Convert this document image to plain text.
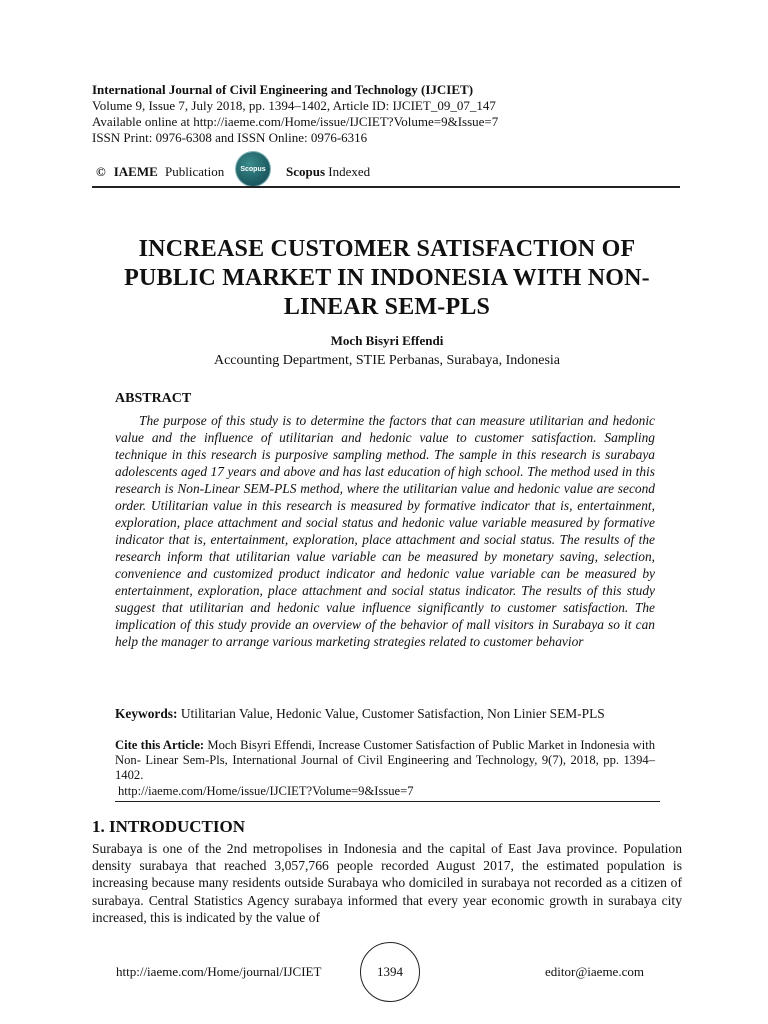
International Journal of Civil Engineering and Technology (IJCIET)
Volume 9, Issue 7, July 2018, pp. 1394–1402, Article ID: IJCIET_09_07_147
Available online at http://iaeme.com/Home/issue/IJCIET?Volume=9&Issue=7
ISSN Print: 0976-6308 and ISSN Online: 0976-6316
© IAEME Publication Scopus Scopus Indexed
INCREASE CUSTOMER SATISFACTION OF
PUBLIC MARKET IN INDONESIA WITH NON-
LINEAR SEM-PLS
Moch Bisyri Effendi
Accounting Department, STIE Perbanas, Surabaya, Indonesia
ABSTRACT
The purpose of this study is to determine the factors that can measure utilitarian and hedonic value and the influence of utilitarian and hedonic value to customer satisfaction. Sampling technique in this research is purposive sampling method. The sample in this research is surabaya adolescents aged 17 years and above and has last education of high school. The method used in this research is Non-Linear SEM-PLS method, where the utilitarian value and hedonic value are second order. Utilitarian value in this research is measured by formative indicator that is, entertainment, exploration, place attachment and social status and hedonic value variable measured by formative indicator that is, entertainment, exploration, place attachment and social status. The results of the research inform that utilitarian value variable can be measured by monetary saving, selection, convenience and customized product indicator and hedonic value variable can be measured by entertainment, exploration, place attachment and social status indicator. The results of this study suggest that utilitarian and hedonic value influence significantly to customer satisfaction. The implication of this study provide an overview of the behavior of mall visitors in Surabaya so it can help the manager to arrange various marketing strategies related to customer behavior
Keywords: Utilitarian Value, Hedonic Value, Customer Satisfaction, Non Linier SEM-PLS
Cite this Article: Moch Bisyri Effendi, Increase Customer Satisfaction of Public Market in Indonesia with Non- Linear Sem-Pls, International Journal of Civil Engineering and Technology, 9(7), 2018, pp. 1394–1402.
http://iaeme.com/Home/issue/IJCIET?Volume=9&Issue=7
1. INTRODUCTION
Surabaya is one of the 2nd metropolises in Indonesia and the capital of East Java province. Population density surabaya that reached 3,057,766 people recorded August 2017, the estimated population is increasing because many residents outside Surabaya who domiciled in surabaya not recorded as a citizen of surabaya. Central Statistics Agency surabaya informed that every year economic growth in surabaya city increased, this is indicated by the value of
http://iaeme.com/Home/journal/IJCIET	1394	editor@iaeme.com
